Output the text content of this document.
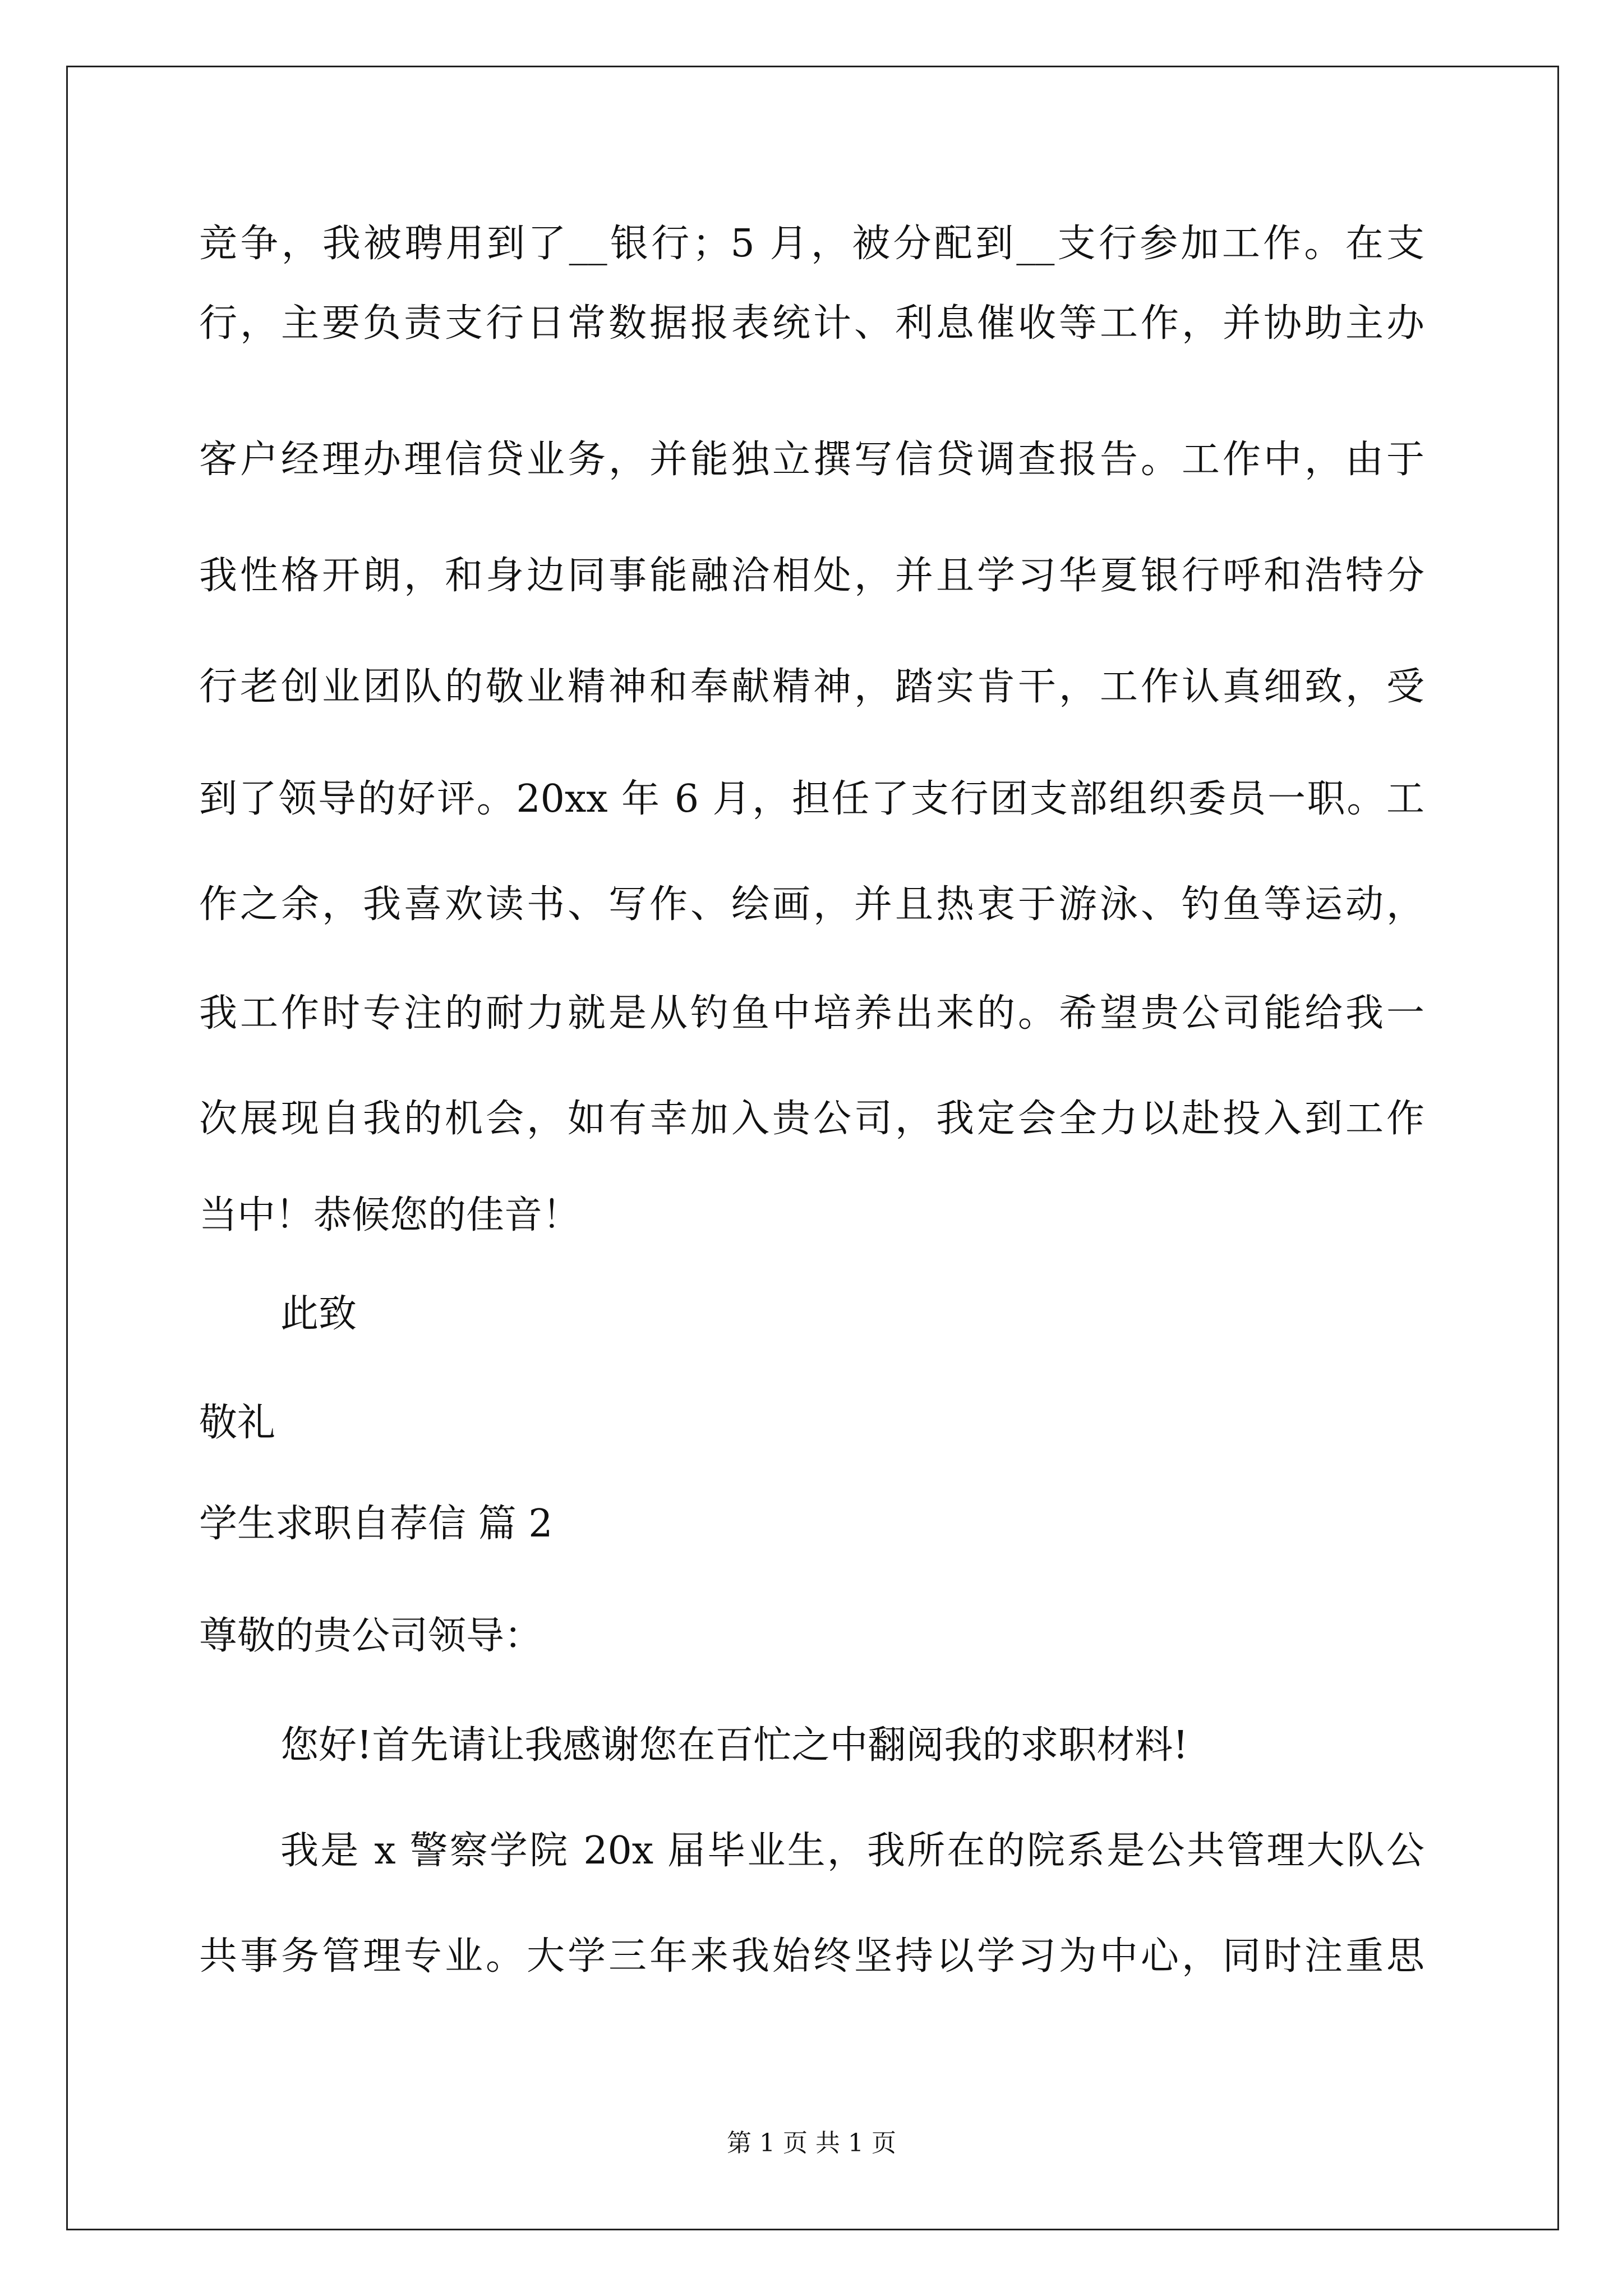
竞争，我被聘用到了__银行；5 月，被分配到__支行参加工作。在支
行，主要负责支行日常数据报表统计、利息催收等工作，并协助主办
客户经理办理信贷业务，并能独立撰写信贷调查报告。工作中，由于
我性格开朗，和身边同事能融洽相处，并且学习华夏银行呼和浩特分
行老创业团队的敬业精神和奉献精神，踏实肯干，工作认真细致，受
到了领导的好评。20xx 年 6 月，担任了支行团支部组织委员一职。工
作之余，我喜欢读书、写作、绘画，并且热衷于游泳、钓鱼等运动，
我工作时专注的耐力就是从钓鱼中培养出来的。希望贵公司能给我一
次展现自我的机会，如有幸加入贵公司，我定会全力以赴投入到工作
当中！恭候您的佳音！
此致
敬礼
学生求职自荐信 篇 2
尊敬的贵公司领导：
您好!首先请让我感谢您在百忙之中翻阅我的求职材料!
我是 x 警察学院 20x 届毕业生，我所在的院系是公共管理大队公
共事务管理专业。大学三年来我始终坚持以学习为中心，同时注重思
第 1 页 共 1 页
